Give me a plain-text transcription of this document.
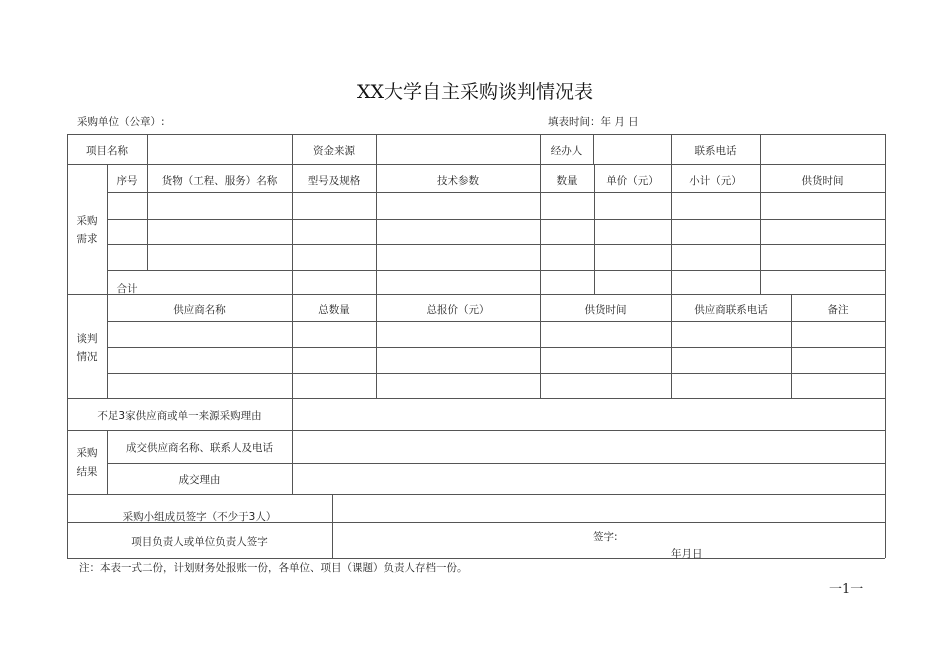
XX大学自主采购谈判情况表
采购单位（公章）:	填表时间：年 月 日
项目名称	资金来源	经办人	联系电话
采购
需求
序号	货物（工程、服务）名称	型号及规格	技术参数	数量	单价（元）	小计（元）	供货时间
合计
谈判
情况
供应商名称	总数量	总报价（元）	供货时间	供应商联系电话	备注
不足3家供应商或单一来源采购理由
采购
结果
成交供应商名称、联系人及电话
成交理由
采购小组成员签字（不少于3人）
项目负责人或单位负责人签字	签字:
年月日
注：本表一式二份，计划财务处报账一份，各单位、项目（课题）负责人存档一份。
一1一
